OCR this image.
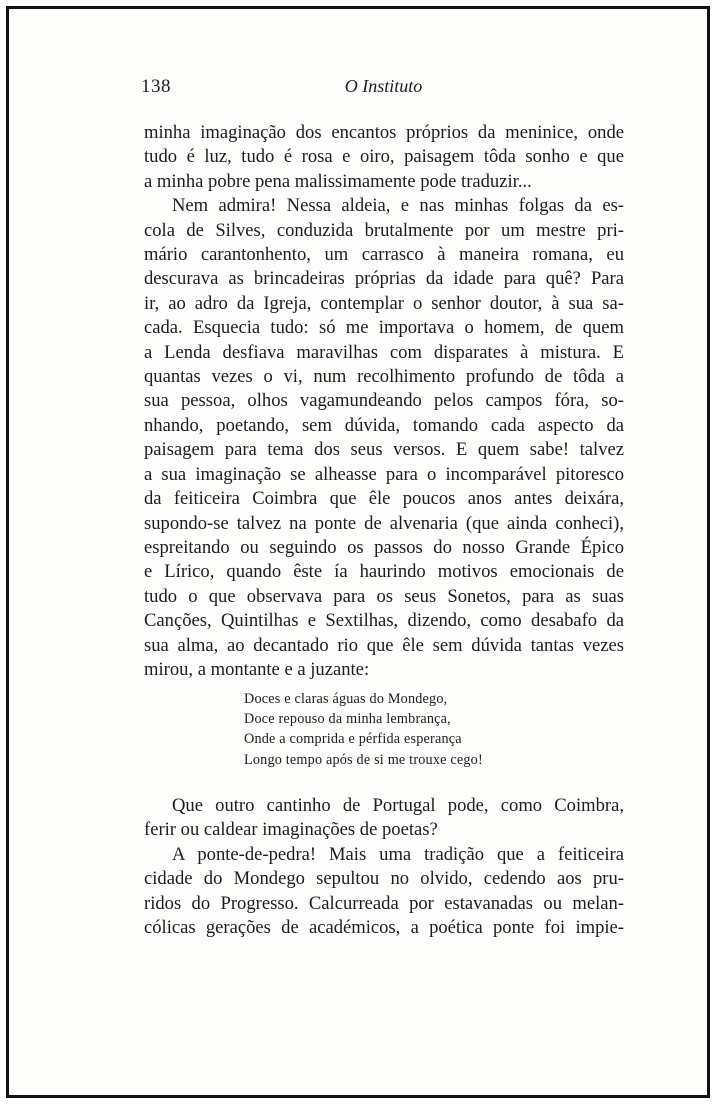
138	O Instituto
minha imaginação dos encantos próprios da meninice, onde
tudo é luz, tudo é rosa e oiro, paisagem tôda sonho e que
a minha pobre pena malissimamente pode traduzir...
Nem admira! Nessa aldeia, e nas minhas folgas da es-
cola de Silves, conduzida brutalmente por um mestre pri-
mário carantonhento, um carrasco à maneira romana, eu
descurava as brincadeiras próprias da idade para quê? Para
ir, ao adro da Igreja, contemplar o senhor doutor, à sua sa-
cada. Esquecia tudo: só me importava o homem, de quem
a Lenda desfiava maravilhas com disparates à mistura. E
quantas vezes o vi, num recolhimento profundo de tôda a
sua pessoa, olhos vagamundeando pelos campos fóra, so-
nhando, poetando, sem dúvida, tomando cada aspecto da
paisagem para tema dos seus versos. E quem sabe! talvez
a sua imaginação se alheasse para o incomparável pitoresco
da feiticeira Coimbra que êle poucos anos antes deixára,
supondo-se talvez na ponte de alvenaria (que ainda conheci),
espreitando ou seguindo os passos do nosso Grande Épico
e Lírico, quando êste ía haurindo motivos emocionais de
tudo o que observava para os seus Sonetos, para as suas
Canções, Quintilhas e Sextilhas, dizendo, como desabafo da
sua alma, ao decantado rio que êle sem dúvida tantas vezes
mirou, a montante e a juzante:
Doces e claras águas do Mondego,
Doce repouso da minha lembrança,
Onde a comprida e pérfida esperança
Longo tempo após de si me trouxe cego!
Que outro cantinho de Portugal pode, como Coimbra,
ferir ou caldear imaginações de poetas?
A ponte-de-pedra! Mais uma tradição que a feiticeira
cidade do Mondego sepultou no olvido, cedendo aos pru-
ridos do Progresso. Calcurreada por estavanadas ou melan-
cólicas gerações de académicos, a poética ponte foi impie-
